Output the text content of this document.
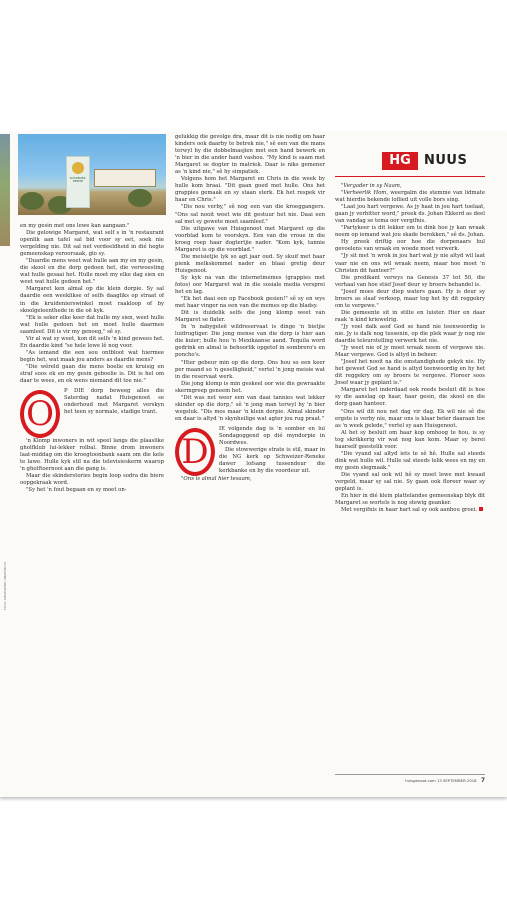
SCHWEIZER-RENEKE
FOTO: MELIKSPORT SNAPSHOTS
HG	NUUS

en my gesin met ons lewe kan aangaan."

Die gelowige Margaret, wat self s in 'n restaurant openlik aan tafel sal bid voor sy eet, soek nie vergelding nie. Dit sal net verdeeldheid in dié hegte gemeenskap veroorsaak, glo sy.

"Duardie mens weet wat hulle aan my en my gesin, die skool en die dorp gedoen het, die verwoesting wat hulle gesaai het. Hulle moet my elke dag sien en weet wat hulle gedoen het."

Margaret ken almal op die klein dorpie. Sy sal daardie een weeklikse of selfs daagliks op straat of in die kruidenierswinkel moet raakloop of by skoolgeleenthede in die oë kyk.

"Ek is seker elke keer dat hulle my sien, weet hulle wat hulle gedoen het en moet hulle daarmee saamleef. Dit is vir my genoeg," sê sy.

Vir al wat sy weet, kon dit selfs 'n kind gewees het. En daardie kind "se hele lewe lê nog voor.

"As iemand die een sou ontbloot wat hiermee begin het, wat maak jou anders as daardie mens?

"Die wêreld gaan die mens boelie en kruisig en straf soos ek en my gesin geboelie is. Dit is hel om daar te wees, en ek wens niemand dit toe nie."

O

P DIE dorp beweeg alles die Saterdag nadat Huisgenoot se onderhoud met Margaret verskyn het teen sy normale, stadige trant.

'n Klomp inwoners in wit speel langs die plaaslike gholfklub lui-lekker rolbal. Binne drom inwoners laat-middag om die kroegtoonbank saam om die kele te lawe. Hulle kyk stil na die televisieskerm waarop 'n gholftoernooi aan die gang is.

Maar die skinderstories begin loop sodra die biere oopgekraak word.

"Sy het 'n fout begaan en sy moet on-

gelukkig die gevolge dra, maar dit is nie nodig om haar kinders ook daarby te betrek nie," sê een van die mans terwyl hy die dobbelmasjien met een hand bewerk en 'n bier in die ander hand vashou. "My kind is saam met Margaret se dogter in matriek. Daar is niks gemener as 'n kind nie," sê hy simpatiek.

Volgens hom het Margaret en Chris in die week by hulle kom braai. "Dit gaan goed met hulle. Ons het grappies gemaak en sy staan sterk. Ek het respek vir haar en Chris."

"Dis nou verby," sê nog een van die kroeggangers. "Ons sal nooit weet wie dit gestuur het nie. Daai een sal met sy gewete moet saamleef."

Die uitgawe van Huisgenoot met Margaret op die voorblad kom te voorskyn. Een van die vroue in die kroeg roep haar dogtertjie nader. "Kom kyk, tannie Margaret is op die voorblad."

Die meisietjie lyk so agt jaar oud. Sy skuif met haar pienk melkskommel nader en blaai gretig deur Huisgenoot.

Sy kyk na van die internetmemes (grappies met fotos) oor Margaret wat in die sosiale media versprei het en lag.

"Ek het daai een op Facebook gesien!" sê sy en wys met haar vinger na een van die memes op die bladsy.

Dit is duidelik selfs die jong klomp weet van Margaret se flater.

In 'n nabygeleë wildreservaat is dinge 'n bietjie luidrugtiger. Die jong mense van die dorp is hier aan die kuier; hulle hou 'n Mexikaanse aand. Tequila word gedrink en almal is behoorlik opgetof in sombrero's en poncho's.

"Hier gebeur min op die dorp. Ons hou so een keer per maand so 'n geselligheid," vertel 'n jong meisie wat in die reservaat werk.

Die jong klomp is min geskeel oor wie die gewraakte skermgreep geneem het.

"Dit was net weer een van daai tannies wat lekker skinder op die dorp," sê 'n jong man terwyl hy 'n bier wegsluk. "Dis mos maar 'n klein dorpie. Almal skinder en daar is altyd 'n skynheilige wat agter jou rug praat."

D

IE volgende dag is 'n somber en lui Sondagoggend op dié myndorpie in Noordwes.

Die stowwerige strate is stil, maar in die NG kerk op Schweizer-Reneke dawer lofsang tussendeur die kerkbanke en by die voordeur uit.

"Ons is almal hier tesaam,

"Vergader in sy Naam,

"Verheerlik Hom, weergalm die stemme van lidmate wat hierdie bekende loflied uit volle bors sing.

"Laat jou hart vergewe. As jy haat in jou hart toelaat, gaan jy verbitter word," preek ds. Johan Ekkerd as deel van vandag se tema oor vergifnis.

"Partykeer is dit lekker om te dink hoe jy kan wraak neem op iemand wat jou skade berokken," sê ds. Johan.

Hy preek driftig oor hoe die dorpenaars hul gevoelens van wraak en woede moet verwerk.

"Jy sit met 'n wrok in jou hart wat jy nie altyd wil laat vaar nie en ons wil wraak neem, maar hoe moet 'n Christen dit hanteer?"

Die predikant verwys na Genesis 37 tot 50, die verhaal van hoe stief Josef deur sy broers behandel is.

"Josef moes deur diep waters gaan. Hy is deur sy broers as slaaf verkoop, maar tog het hy dit reggekry om te vergewe."

Die gemeente sit in stilte en luister. Hier en daar raak 'n kind kriewelrig.

"Jy voel dalk asof God se hand nie teenwoordig is nie. Jy is dalk nog tussenin, op die plek waar jy nog nie daardie teleurstelling verwerk het nie.

"Jy weet nie of jy moet wraak neem of vergewe nie. Maar vergewe. God is altyd in beheer.

"Josef het nooit na die omstandighede gekyk nie. Hy het geweet God se hand is altyd teenwoordig en hy het dit reggekry om sy broers te vergewe. Floreer soos Josef waar jy geplant is."

Margaret het inderdaad ook reeds besluit dit is hoe sy die aanslag op haar, haar gesin, die skool en die dorp gaan hanteer.

"Ons wil dit nou net dag vir dag. Ek wil nie sê die ergste is verby nie, maar ons is klaar beter daaraan toe as 'n week gelede," vertel sy aan Huisgenoot.

Al het sy besluit om haar kop omhoog te hou, is sy tog skrikkerig vir wat nog kan kom. Maar sy berei haarself geestelik voor.

"Die vyand sal altyd iets te sê hê. Hulle sal steeds dink wat hulle wil. Hulle sal steeds lelik wees en my en my gesin slegmaak."

Die vyand sal ook wil hê sy moet lewe met kwaad vergeld, maar sy sal nie. Sy gaan ook floreer waar sy geplant is.

En hier in dié klein plattelandse gemeenskap blyk dit Margaret se wortels is nog stewig geanker.

Met vergifnis in haar hart sal sy ook aanhou groei.

huisgenoot.com 13 SEPTEMBER 2018 7
